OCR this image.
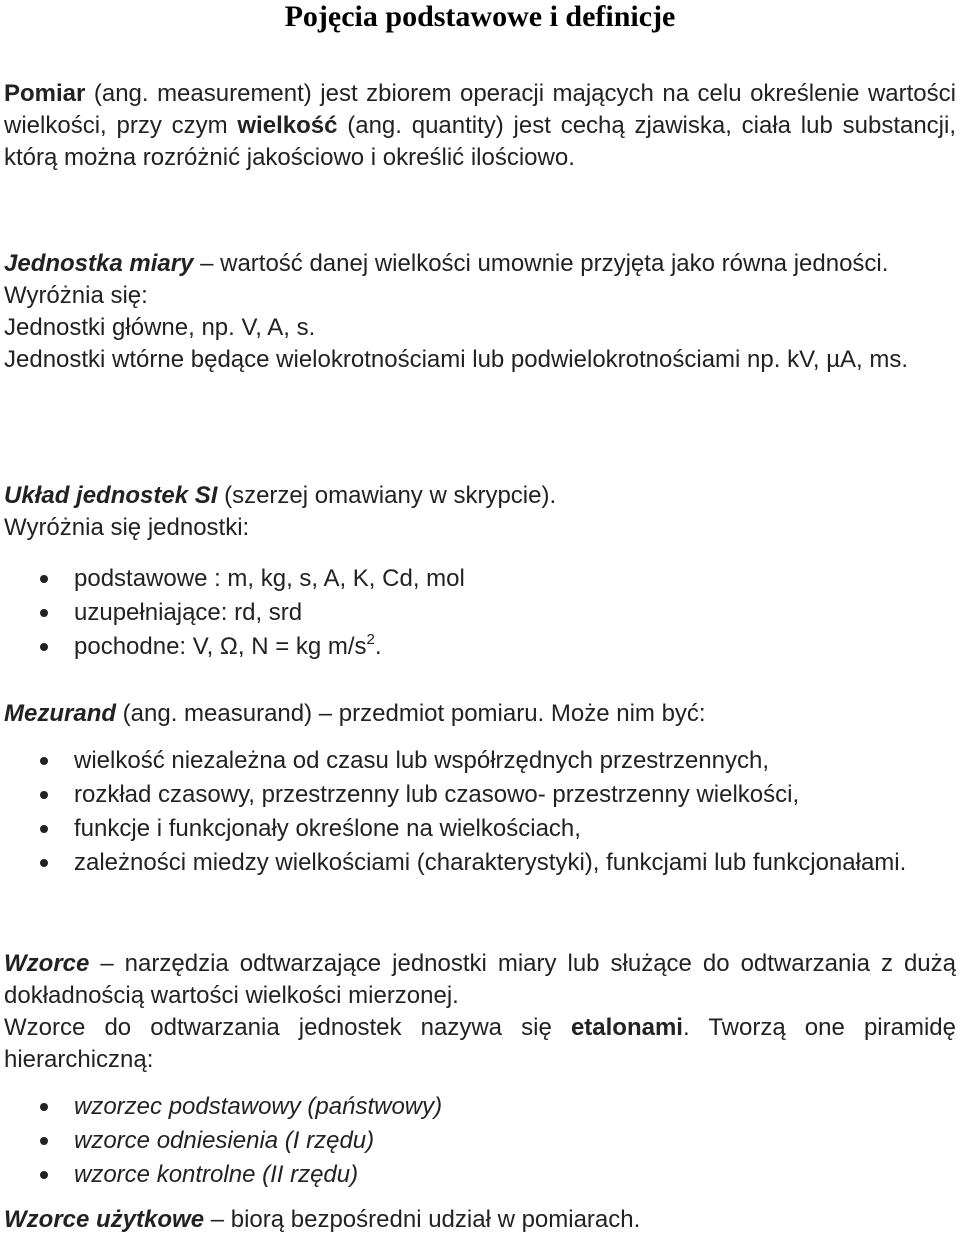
Pojęcia podstawowe i definicje

Pomiar (ang. measurement) jest zbiorem operacji mających na celu określenie wartości wielkości, przy czym wielkość (ang. quantity) jest cechą zjawiska, ciała lub substancji, którą można rozróżnić jakościowo i określić ilościowo.

Jednostka miary – wartość danej wielkości umownie przyjęta jako równa jedności.

Wyróżnia się:

Jednostki główne, np. V, A, s.

Jednostki wtórne będące wielokrotnościami lub podwielokrotnościami np. kV, µA, ms.

Układ jednostek SI (szerzej omawiany w skrypcie).

Wyróżnia się jednostki:

podstawowe : m, kg, s, A, K, Cd, mol
uzupełniające: rd, srd
pochodne: V, Ω, N = kg $m/s^2$.

Mezurand (ang. measurand) – przedmiot pomiaru. Może nim być:

wielkość niezależna od czasu lub współrzędnych przestrzennych,
rozkład czasowy, przestrzenny lub czasowo- przestrzenny wielkości,
funkcje i funkcjonały określone na wielkościach,
zależności miedzy wielkościami (charakterystyki), funkcjami lub funkcjonałami.

Wzorce – narzędzia odtwarzające jednostki miary lub służące do odtwarzania z dużą dokładnością wartości wielkości mierzonej.

Wzorce do odtwarzania jednostek nazywa się etalonami. Tworzą one piramidę hierarchiczną:

wzorzec podstawowy (państwowy)
wzorce odniesienia (I rzędu)
wzorce kontrolne (II rzędu)

Wzorce użytkowe – biorą bezpośredni udział w pomiarach.
